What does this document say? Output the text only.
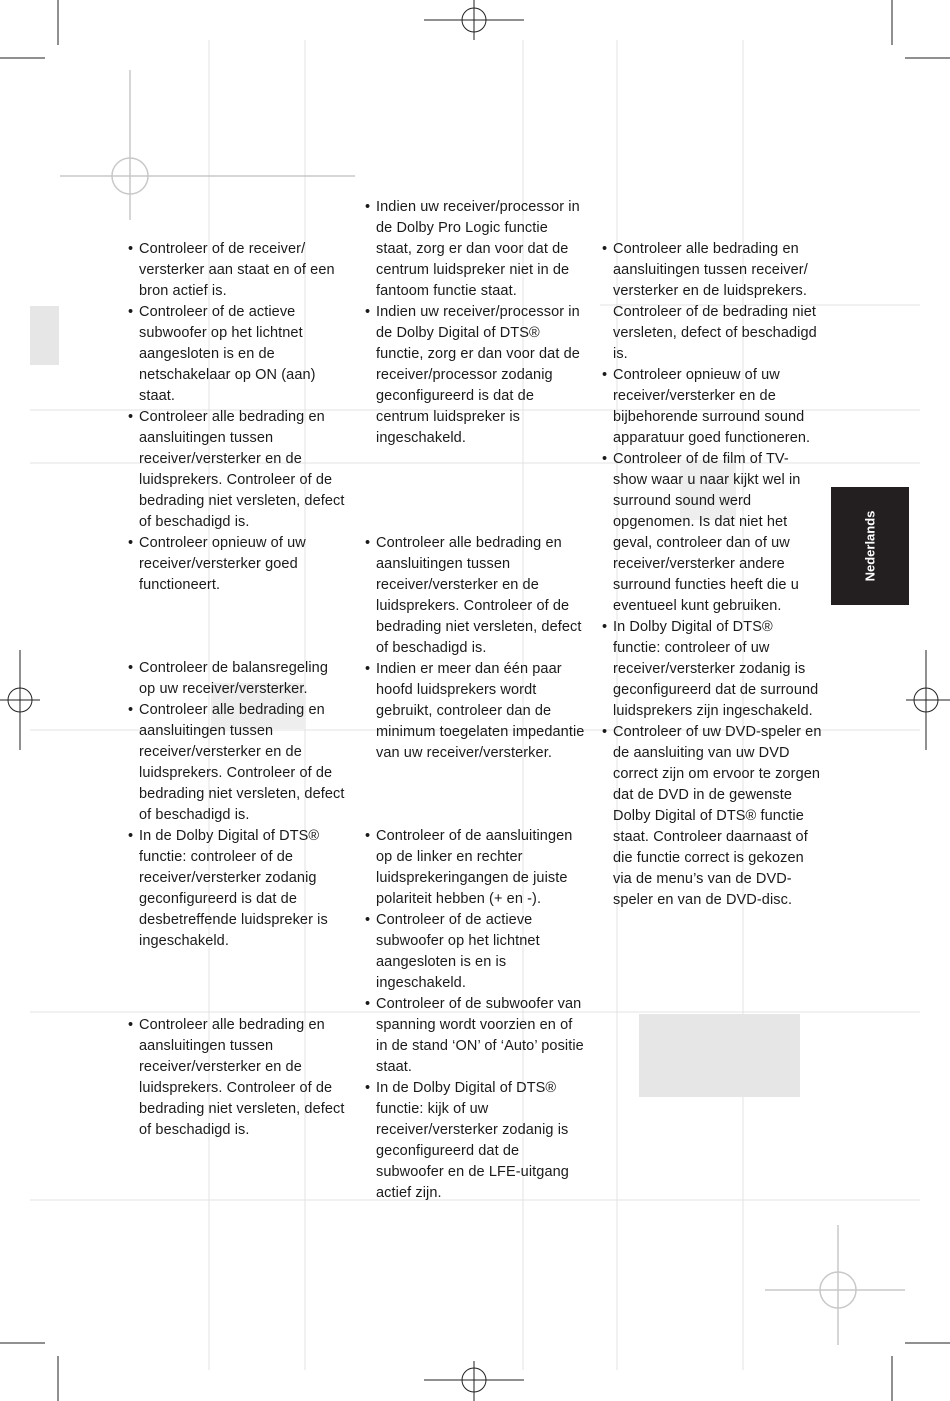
• Controleer of de receiver/ versterker aan staat en of een bron actief is.
• Controleer of de actieve subwoofer op het lichtnet aangesloten is en de netschakelaar op ON (aan) staat.
• Controleer alle bedrading en aansluitingen tussen receiver/versterker en de luidsprekers. Controleer of de bedrading niet versleten, defect of beschadigd is.
• Controleer opnieuw of uw receiver/versterker goed functioneert.
• Controleer de balansregeling op uw receiver/versterker.
• Controleer alle bedrading en aansluitingen tussen receiver/versterker en de luidsprekers. Controleer of de bedrading niet versleten, defect of beschadigd is.
• In de Dolby Digital of DTS® functie: controleer of de receiver/versterker zodanig geconfigureerd is dat de desbetreffende luidspreker is ingeschakeld.
• Controleer alle bedrading en aansluitingen tussen receiver/versterker en de luidsprekers. Controleer of de bedrading niet versleten, defect of beschadigd is.
• Indien uw receiver/processor in de Dolby Pro Logic functie staat, zorg er dan voor dat de centrum luidspreker niet in de fantoom functie staat.
• Indien uw receiver/processor in de Dolby Digital of DTS® functie, zorg er dan voor dat de receiver/processor zodanig geconfigureerd is dat de centrum luidspreker is ingeschakeld.
• Controleer alle bedrading en aansluitingen tussen receiver/versterker en de luidsprekers. Controleer of de bedrading niet versleten, defect of beschadigd is.
• Indien er meer dan één paar hoofd luidsprekers wordt gebruikt, controleer dan de minimum toegelaten impedantie van uw receiver/versterker.
• Controleer of de aansluitingen op de linker en rechter luidsprekeringangen de juiste polariteit hebben (+ en -).
• Controleer of de actieve subwoofer op het lichtnet aangesloten is en is ingeschakeld.
• Controleer of de subwoofer van spanning wordt voorzien en of in de stand ‘ON’ of ‘Auto’ positie staat.
• In de Dolby Digital of DTS® functie: kijk of uw receiver/versterker zodanig is geconfigureerd dat de subwoofer en de LFE-uitgang actief zijn.
• Controleer alle bedrading en aansluitingen tussen receiver/ versterker en de luidsprekers. Controleer of de bedrading niet versleten, defect of beschadigd is.
• Controleer opnieuw of uw receiver/versterker en de bijbehorende surround sound apparatuur goed functioneren.
• Controleer of de film of TV-show waar u naar kijkt wel in surround sound werd opgenomen. Is dat niet het geval, controleer dan of uw receiver/versterker andere surround functies heeft die u eventueel kunt gebruiken.
• In Dolby Digital of DTS® functie: controleer of uw receiver/versterker zodanig is geconfigureerd dat de surround luidsprekers zijn ingeschakeld.
• Controleer of uw DVD-speler en de aansluiting van uw DVD correct zijn om ervoor te zorgen dat de DVD in de gewenste Dolby Digital of DTS® functie staat. Controleer daarnaast of die functie correct is gekozen via de menu’s van de DVD-speler en van de DVD-disc.
Nederlands
